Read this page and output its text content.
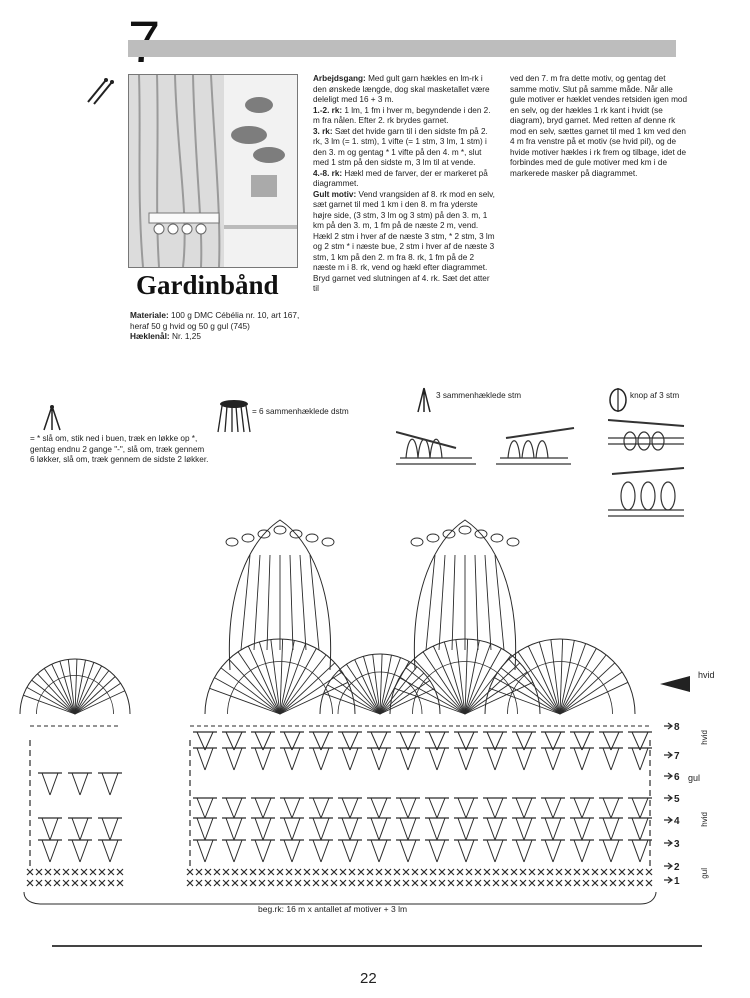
Gardinbånd
Materiale: 100 g DMC Cébélia nr. 10, art 167, heraf 50 g hvid og 50 g gul (745)
Hæklenål: Nr. 1,25

Arbejdsgang: Med gult garn hækles en lm-rk i den ønskede længde, dog skal masketallet være deleligt med 16 + 3 m.

1.-2. rk: 1 lm, 1 fm i hver m, begyndende i den 2. m fra nålen. Efter 2. rk brydes garnet.

3. rk: Sæt det hvide garn til i den sidste fm på 2. rk, 3 lm (= 1. stm), 1 vifte (= 1 stm, 3 lm, 1 stm) i den 3. m og gentag * 1 vifte på den 4. m *, slut med 1 stm på den sidste m, 3 lm til at vende.

4.-8. rk: Hækl med de farver, der er markeret på diagrammet.

Gult motiv: Vend vrangsiden af 8. rk mod en selv, sæt garnet til med 1 km i den 8. m fra yderste højre side, (3 stm, 3 lm og 3 stm) på den 3. m, 1 km på den 3. m, 1 fm på de næste 2 m, vend. Hækl 2 stm i hver af de næste 3 stm, * 2 stm, 3 lm og 2 stm * i næste bue, 2 stm i hver af de næste 3 stm, 1 km på den 2. m fra 8. rk, 1 fm på de 2 næste m i 8. rk, vend og hækl efter diagrammet. Bryd garnet ved slutningen af 4. rk. Sæt det atter til

ved den 7. m fra dette motiv, og gentag det samme motiv. Slut på samme måde. Når alle gule motiver er hæklet vendes retsiden igen mod en selv, og der hækles 1 rk kant i hvidt (se diagram), bryd garnet. Med retten af denne rk mod en selv, sættes garnet til med 1 km ved den 4 m fra venstre på et motiv (se hvid pil), og de hvide motiver hækles i rk frem og tilbage, idet de forbindes med de gule motiver med km i de markerede masker på diagrammet.
= * slå om, stik ned i buen, træk en løkke op *, gentag endnu 2 gange "-", slå om, træk gennem 6 løkker, slå om, træk gennem de sidste 2 løkker.
= 6 sammenhæklede dstm
3 sammenhæklede stm	knop af 3 stm
8
7
6
5
4
3
2
1
gul
hvid
hvid
gul
hvid
beg.rk: 16 m x antallet af motiver + 3 lm
22
